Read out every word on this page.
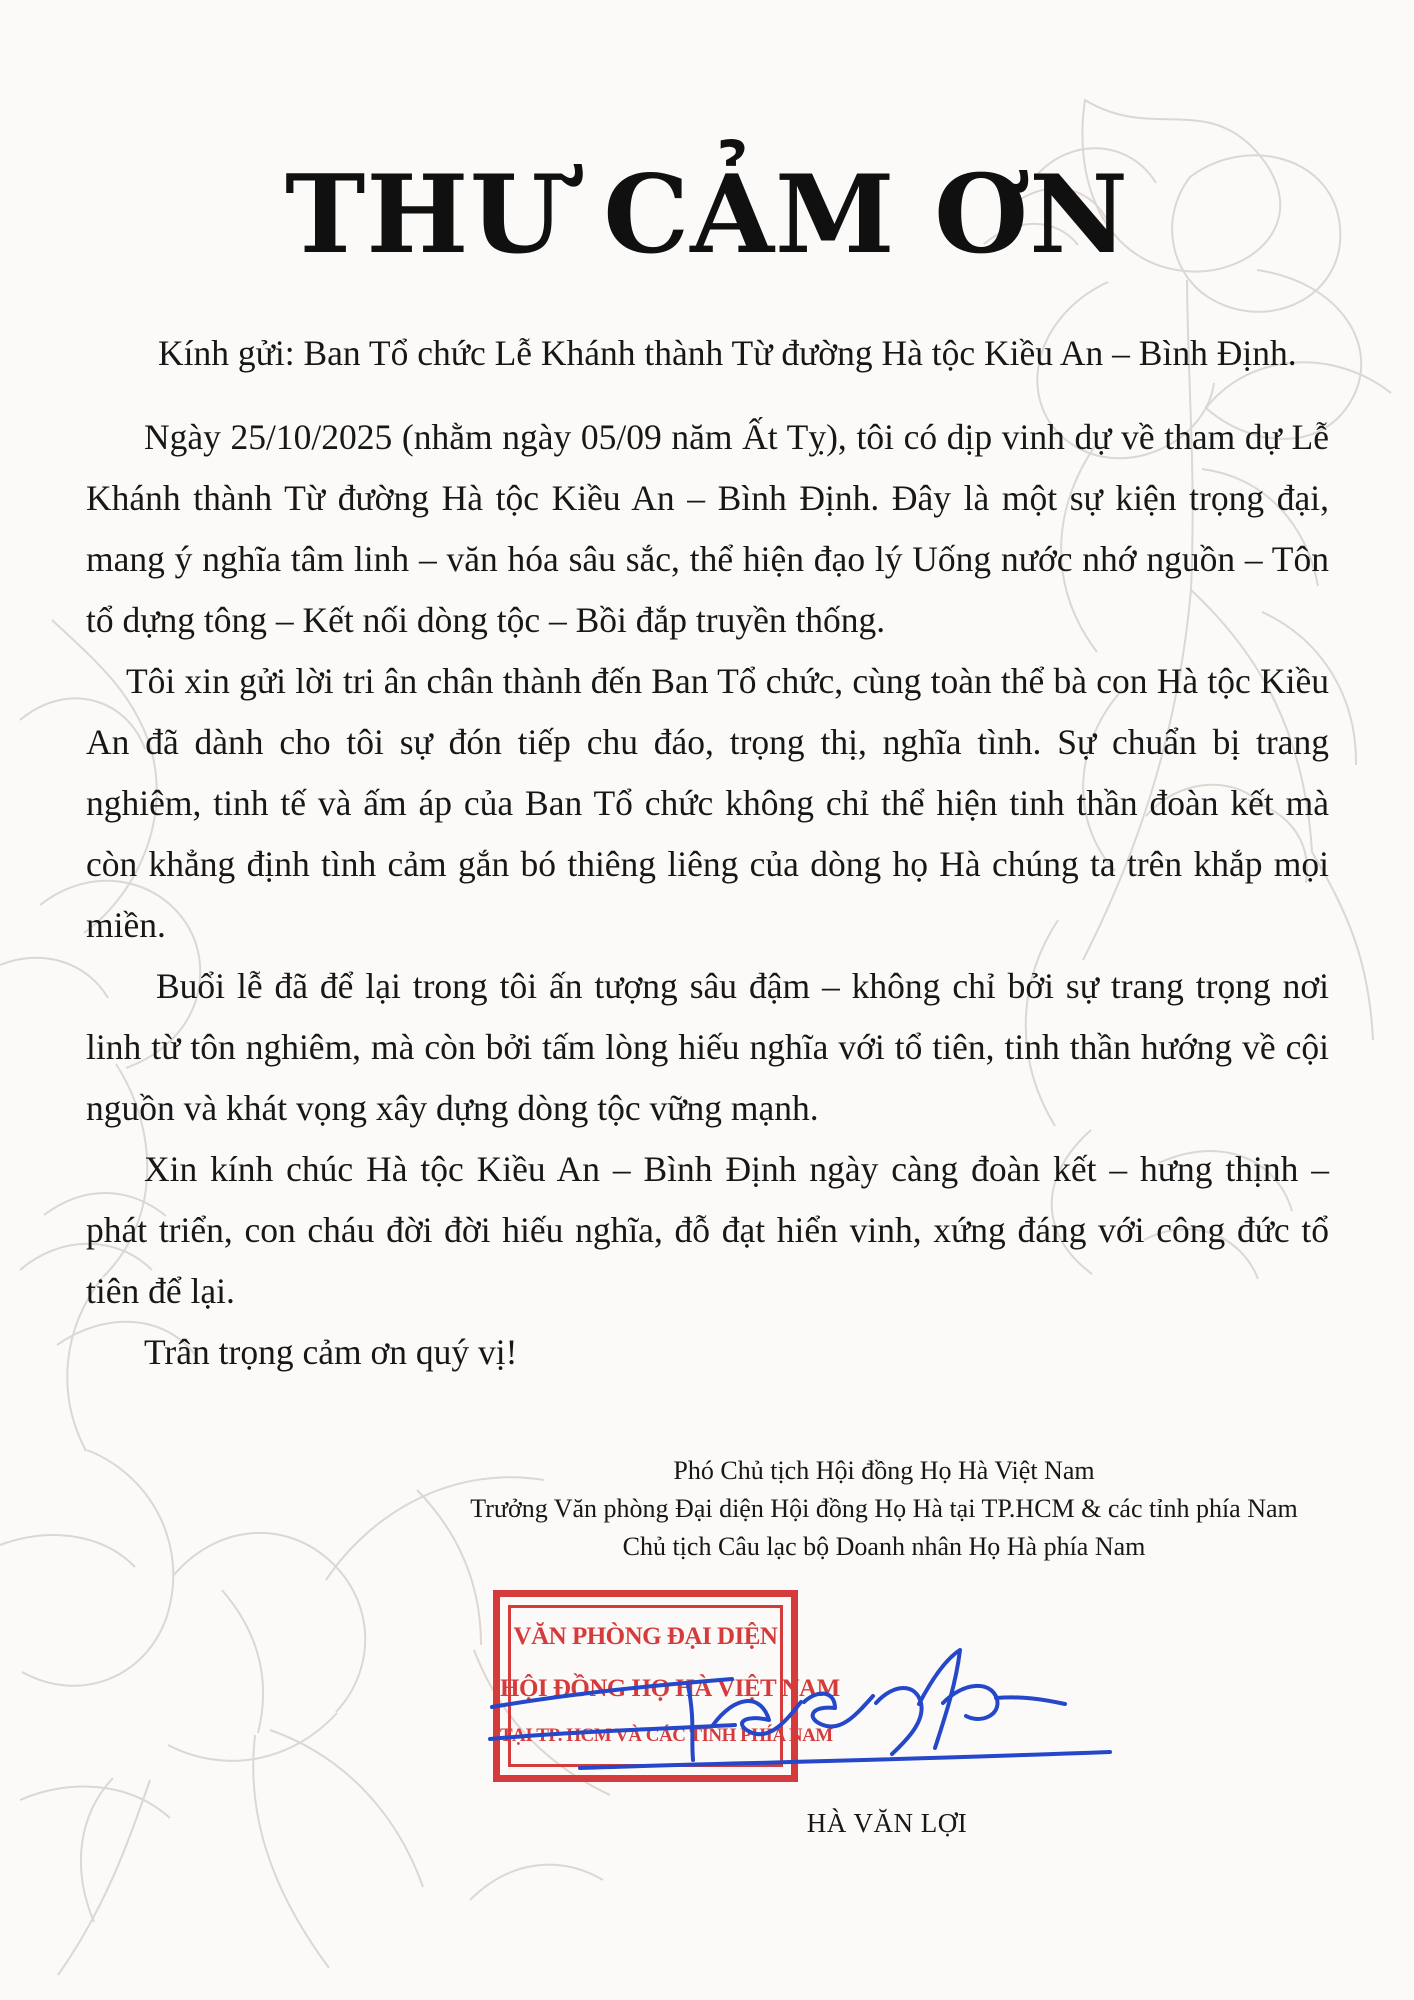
THƯ CẢM ƠN

Kính gửi: Ban Tổ chức Lễ Khánh thành Từ đường Hà tộc Kiều An – Bình Định.

Ngày 25/10/2025 (nhằm ngày 05/09 năm Ất Tỵ), tôi có dịp vinh dự về tham dự Lễ Khánh thành Từ đường Hà tộc Kiều An – Bình Định. Đây là một sự kiện trọng đại, mang ý nghĩa tâm linh – văn hóa sâu sắc, thể hiện đạo lý Uống nước nhớ nguồn – Tôn tổ dựng tông – Kết nối dòng tộc – Bồi đắp truyền thống.

Tôi xin gửi lời tri ân chân thành đến Ban Tổ chức, cùng toàn thể bà con Hà tộc Kiều An đã dành cho tôi sự đón tiếp chu đáo, trọng thị, nghĩa tình. Sự chuẩn bị trang nghiêm, tinh tế và ấm áp của Ban Tổ chức không chỉ thể hiện tinh thần đoàn kết mà còn khẳng định tình cảm gắn bó thiêng liêng của dòng họ Hà chúng ta trên khắp mọi miền.

Buổi lễ đã để lại trong tôi ấn tượng sâu đậm – không chỉ bởi sự trang trọng nơi linh từ tôn nghiêm, mà còn bởi tấm lòng hiếu nghĩa với tổ tiên, tinh thần hướng về cội nguồn và khát vọng xây dựng dòng tộc vững mạnh.

Xin kính chúc Hà tộc Kiều An – Bình Định ngày càng đoàn kết – hưng thịnh – phát triển, con cháu đời đời hiếu nghĩa, đỗ đạt hiển vinh, xứng đáng với công đức tổ tiên để lại.

Trân trọng cảm ơn quý vị!

Phó Chủ tịch Hội đồng Họ Hà Việt Nam
Trưởng Văn phòng Đại diện Hội đồng Họ Hà tại TP.HCM & các tỉnh phía Nam
Chủ tịch Câu lạc bộ Doanh nhân Họ Hà phía Nam
VĂN PHÒNG ĐẠI DIỆN
HỘI ĐỒNG HỌ HÀ VIỆT NAM
TẠI TP. HCM VÀ CÁC TỈNH PHÍA NAM
HÀ VĂN LỢI
